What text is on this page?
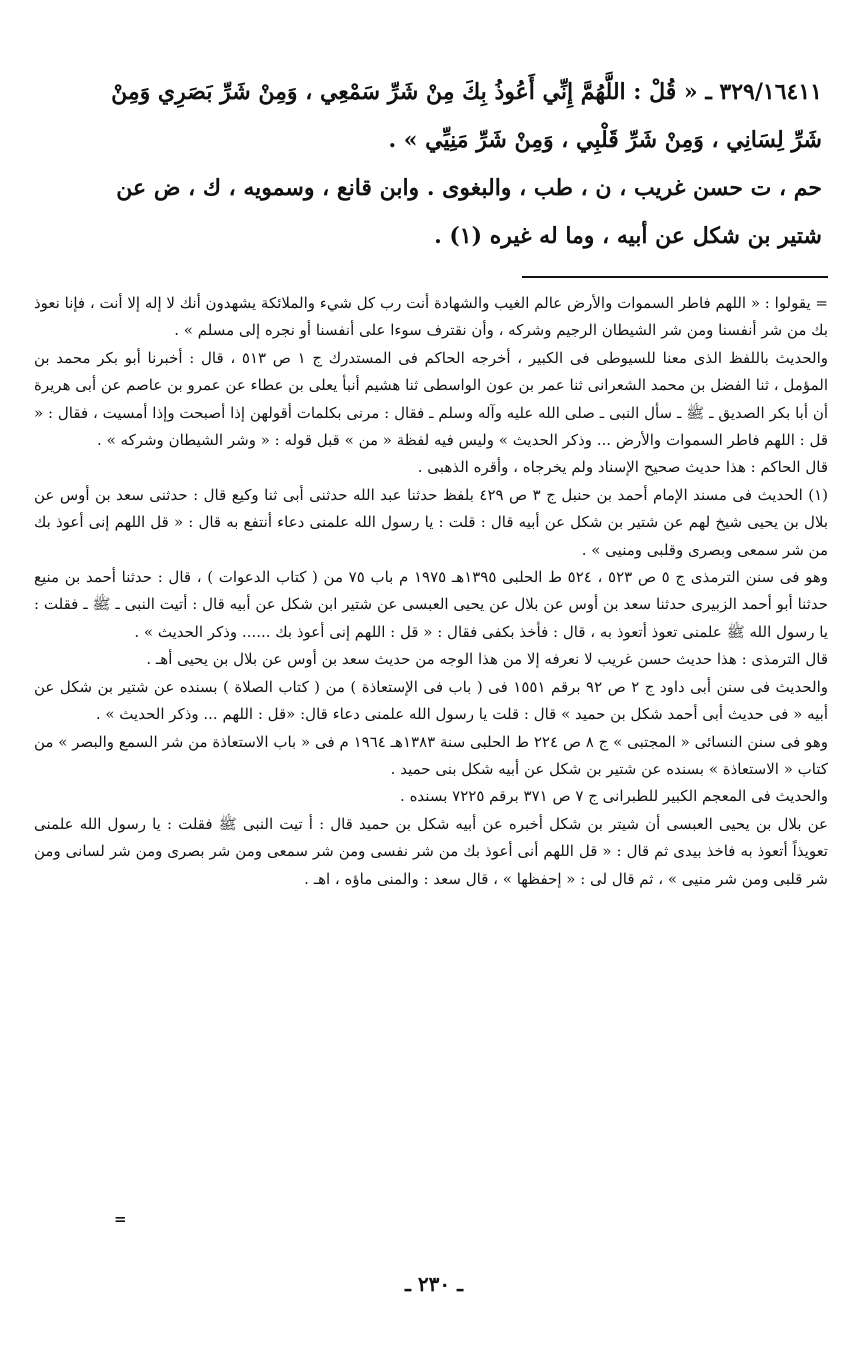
٣٢٩/١٦٤١١ ـ « قُلْ : اللَّهُمَّ إِنِّي أَعُوذُ بِكَ مِنْ شَرِّ سَمْعِي ، وَمِنْ شَرِّ بَصَرِي وَمِنْ

شَرِّ لِسَانِي ، وَمِنْ شَرِّ قَلْبِي ، وَمِنْ شَرِّ مَنِيِّي » .

حم ، ت حسن غريب ، ن ، طب ، والبغوى . وابن قانع ، وسمويه ، ك ، ض عن

شتير بن شكل عن أبيه ، وما له غيره (١) .

= يقولوا : « اللهم فاطر السموات والأرض عالم الغيب والشهادة أنت رب كل شيء والملائكة يشهدون أنك لا إله إلا أنت ، فإنا نعوذ بك من شر أنفسنا ومن شر الشيطان الرجيم وشركه ، وأن نقترف سوءا على أنفسنا أو نجره إلى مسلم » .

والحديث باللفظ الذى معنا للسيوطى فى الكبير ، أخرجه الحاكم فى المستدرك ج ١ ص ٥١٣ ، قال : أخبرنا أبو بكر محمد بن المؤمل ، ثنا الفضل بن محمد الشعرانى ثنا عمر بن عون الواسطى ثنا هشيم أنبأ يعلى بن عطاء عن عمرو بن عاصم عن أبى هريرة أن أبا بكر الصديق ـ ﷺ ـ سأل النبى ـ صلى الله عليه وآله وسلم ـ فقال : مرنى بكلمات أقولهن إذا أصبحت وإذا أمسيت ، فقال : « قل : اللهم فاطر السموات والأرض ... وذكر الحديث » وليس فيه لفظة « من » قبل قوله : « وشر الشيطان وشركه » .

قال الحاكم : هذا حديث صحيح الإسناد ولم يخرجاه ، وأقره الذهبى .

(١) الحديث فى مسند الإمام أحمد بن حنبل ج ٣ ص ٤٢٩ بلفظ حدثنا عبد الله حدثنى أبى ثنا وكيع قال : حدثنى سعد بن أوس عن بلال بن يحيى شيخ لهم عن شتير بن شكل عن أبيه قال : قلت : يا رسول الله علمنى دعاء أنتفع به قال : « قل اللهم إنى أعوذ بك من شر سمعى وبصرى وقلبى ومنيى » .

وهو فى سنن الترمذى ج ٥ ص ٥٢٣ ، ٥٢٤ ط الحلبى ١٣٩٥هـ ١٩٧٥ م باب ٧٥ من ( كتاب الدعوات ) ، قال : حدثنا أحمد بن منيع حدثنا أبو أحمد الزبيرى حدثنا سعد بن أوس عن بلال عن يحيى العبسى عن شتير ابن شكل عن أبيه قال : أتيت النبى ـ ﷺ ـ فقلت : يا رسول الله ﷺ علمنى تعوذ أتعوذ به ، قال : فأخذ بكفى فقال : « قل : اللهم إنى أعوذ بك ...... وذكر الحديث » .

قال الترمذى : هذا حديث حسن غريب لا نعرفه إلا من هذا الوجه من حديث سعد بن أوس عن بلال بن يحيى أهـ .

والحديث فى سنن أبى داود ج ٢ ص ٩٢ برقم ١٥٥١ فى ( باب فى الإستعاذة ) من ( كتاب الصلاة ) بسنده عن شتير بن شكل عن أبيه « فى حديث أبى أحمد شكل بن حميد » قال : قلت يا رسول الله علمنى دعاء قال: «قل : اللهم ... وذكر الحديث » .

وهو فى سنن النسائى « المجتبى » ج ٨ ص ٢٢٤ ط الحلبى سنة ١٣٨٣هـ ١٩٦٤ م فى « باب الاستعاذة من شر السمع والبصر » من كتاب « الاستعاذة » بسنده عن شتير بن شكل عن أبيه شكل بنى حميد .

والحديث فى المعجم الكبير للطبرانى ج ٧ ص ٣٧١ برقم ٧٢٢٥ بسنده .

عن بلال بن يحيى العبسى أن شيتر بن شكل أخبره عن أبيه شكل بن حميد قال : أ تيت النبى ﷺ فقلت : يا رسول الله علمنى تعويذاً أتعوذ به فاخذ بيدى ثم قال : « قل اللهم أنى أعوذ بك من شر نفسى ومن شر سمعى ومن شر بصرى ومن شر لسانى ومن شر قلبى ومن شر منيى » ، ثم قال لى : « إحفظها » ، قال سعد : والمنى ماؤه ، اهـ .

=
ـ ٢٣٠ ـ
